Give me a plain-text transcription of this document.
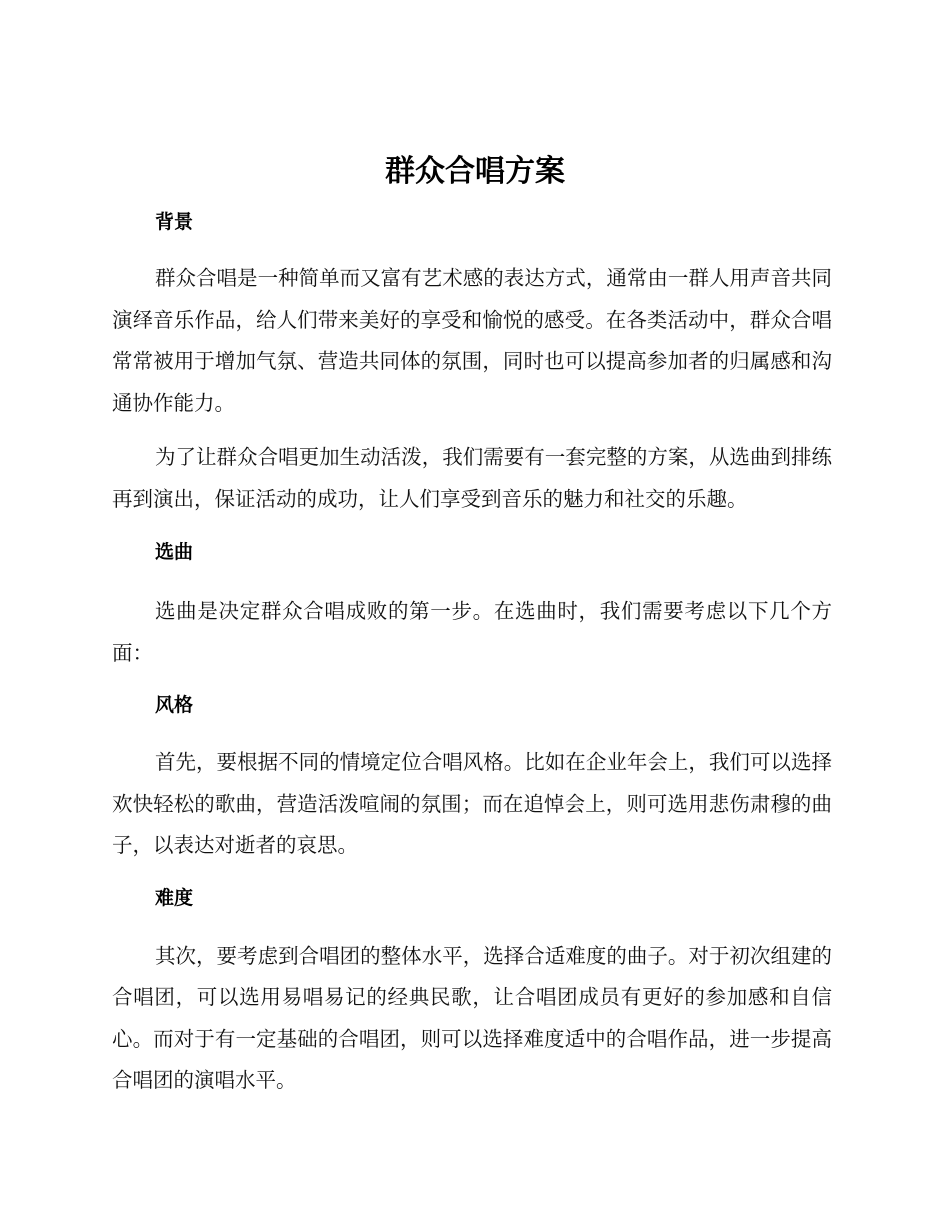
群众合唱方案
背景

群众合唱是一种简单而又富有艺术感的表达方式，通常由一群人用声音共同演绎音乐作品，给人们带来美好的享受和愉悦的感受。在各类活动中，群众合唱常常被用于增加气氛、营造共同体的氛围，同时也可以提高参加者的归属感和沟通协作能力。

为了让群众合唱更加生动活泼，我们需要有一套完整的方案，从选曲到排练再到演出，保证活动的成功，让人们享受到音乐的魅力和社交的乐趣。

选曲

选曲是决定群众合唱成败的第一步。在选曲时，我们需要考虑以下几个方面：

风格

首先，要根据不同的情境定位合唱风格。比如在企业年会上，我们可以选择欢快轻松的歌曲，营造活泼喧闹的氛围；而在追悼会上，则可选用悲伤肃穆的曲子，以表达对逝者的哀思。

难度

其次，要考虑到合唱团的整体水平，选择合适难度的曲子。对于初次组建的合唱团，可以选用易唱易记的经典民歌，让合唱团成员有更好的参加感和自信心。而对于有一定基础的合唱团，则可以选择难度适中的合唱作品，进一步提高合唱团的演唱水平。
